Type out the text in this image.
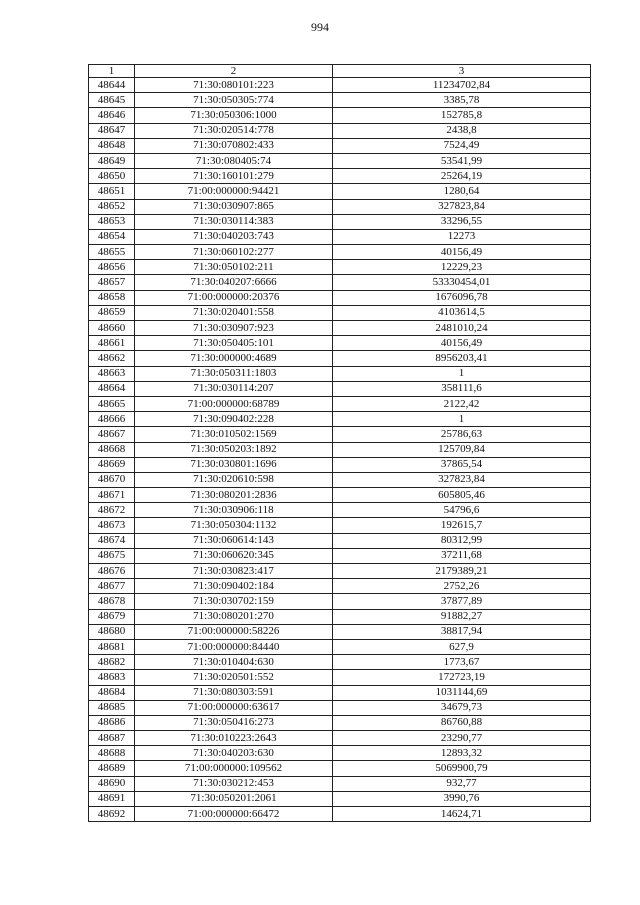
994
1	2	3
48644	71:30:080101:223	11234702,84
48645	71:30:050305:774	3385,78
48646	71:30:050306:1000	152785,8
48647	71:30:020514:778	2438,8
48648	71:30:070802:433	7524,49
48649	71:30:080405:74	53541,99
48650	71:30:160101:279	25264,19
48651	71:00:000000:94421	1280,64
48652	71:30:030907:865	327823,84
48653	71:30:030114:383	33296,55
48654	71:30:040203:743	12273
48655	71:30:060102:277	40156,49
48656	71:30:050102:211	12229,23
48657	71:30:040207:6666	53330454,01
48658	71:00:000000:20376	1676096,78
48659	71:30:020401:558	4103614,5
48660	71:30:030907:923	2481010,24
48661	71:30:050405:101	40156,49
48662	71:30:000000:4689	8956203,41
48663	71:30:050311:1803	1
48664	71:30:030114:207	358111,6
48665	71:00:000000:68789	2122,42
48666	71:30:090402:228	1
48667	71:30:010502:1569	25786,63
48668	71:30:050203:1892	125709,84
48669	71:30:030801:1696	37865,54
48670	71:30:020610:598	327823,84
48671	71:30:080201:2836	605805,46
48672	71:30:030906:118	54796,6
48673	71:30:050304:1132	192615,7
48674	71:30:060614:143	80312,99
48675	71:30:060620:345	37211,68
48676	71:30:030823:417	2179389,21
48677	71:30:090402:184	2752,26
48678	71:30:030702:159	37877,89
48679	71:30:080201:270	91882,27
48680	71:00:000000:58226	38817,94
48681	71:00:000000:84440	627,9
48682	71:30:010404:630	1773,67
48683	71:30:020501:552	172723,19
48684	71:30:080303:591	1031144,69
48685	71:00:000000:63617	34679,73
48686	71:30:050416:273	86760,88
48687	71:30:010223:2643	23290,77
48688	71:30:040203:630	12893,32
48689	71:00:000000:109562	5069900,79
48690	71:30:030212:453	932,77
48691	71:30:050201:2061	3990,76
48692	71:00:000000:66472	14624,71
